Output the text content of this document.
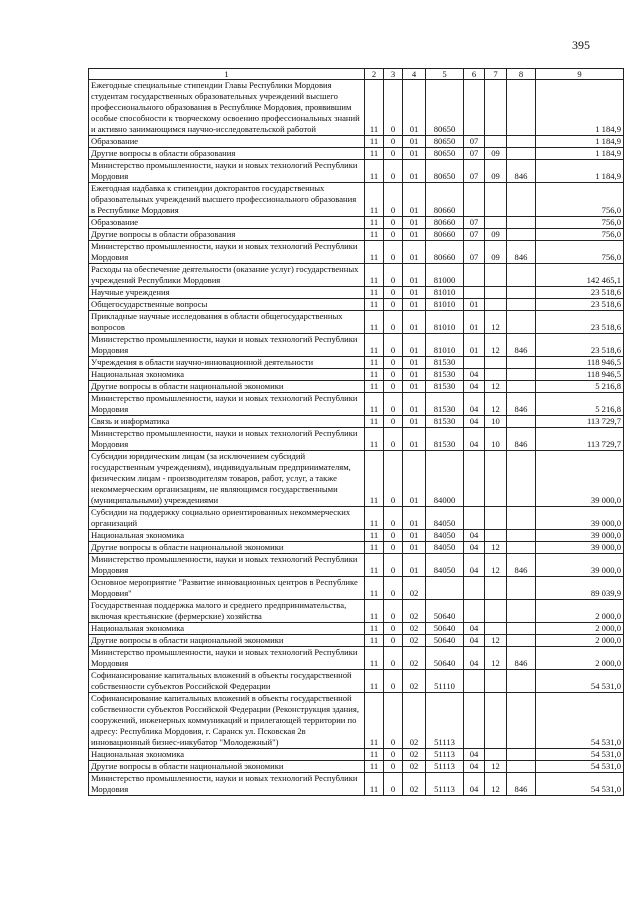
395
1	2	3	4	5	6	7	8	9
Ежегодные специальные стипендии Главы Республики Мордовия студентам государственных образовательных учреждений высшего профессионального образования в Республике Мордовия, проявившим особые способности к творческому освоению профессиональных знаний и активно занимающимся научно-исследовательской работой	11	0	01	80650				1 184,9
Образование	11	0	01	80650	07			1 184,9
Другие вопросы в области образования	11	0	01	80650	07	09		1 184,9
Министерство промышленности, науки и новых технологий Республики Мордовия	11	0	01	80650	07	09	846	1 184,9
Ежегодная надбавка к стипендии докторантов государственных образовательных учреждений высшего профессионального образования в Республике Мордовия	11	0	01	80660				756,0
Образование	11	0	01	80660	07			756,0
Другие вопросы в области образования	11	0	01	80660	07	09		756,0
Министерство промышленности, науки и новых технологий Республики Мордовия	11	0	01	80660	07	09	846	756,0
Расходы на обеспечение деятельности (оказание услуг) государственных учреждений Республики Мордовия	11	0	01	81000				142 465,1
Научные учреждения	11	0	01	81010				23 518,6
Общегосударственные вопросы	11	0	01	81010	01			23 518,6
Прикладные научные исследования в области общегосударственных вопросов	11	0	01	81010	01	12		23 518,6
Министерство промышленности, науки и новых технологий Республики Мордовия	11	0	01	81010	01	12	846	23 518,6
Учреждения в области научно-инновационной деятельности	11	0	01	81530				118 946,5
Национальная экономика	11	0	01	81530	04			118 946,5
Другие вопросы в области национальной экономики	11	0	01	81530	04	12		5 216,8
Министерство промышленности, науки и новых технологий Республики Мордовия	11	0	01	81530	04	12	846	5 216,8
Связь и информатика	11	0	01	81530	04	10		113 729,7
Министерство промышленности, науки и новых технологий Республики Мордовия	11	0	01	81530	04	10	846	113 729,7
Субсидии юридическим лицам (за исключением субсидий государственным учреждениям), индивидуальным предпринимателям, физическим лицам - производителям товаров, работ, услуг, а также некоммерческим организациям, не являющимся государственными (муниципальными) учреждениями	11	0	01	84000				39 000,0
Субсидии на поддержку социально ориентированных некоммерческих организаций	11	0	01	84050				39 000,0
Национальная экономика	11	0	01	84050	04			39 000,0
Другие вопросы в области национальной экономики	11	0	01	84050	04	12		39 000,0
Министерство промышленности, науки и новых технологий Республики Мордовия	11	0	01	84050	04	12	846	39 000,0
Основное мероприятие "Развитие инновационных центров в Республике Мордовия"	11	0	02					89 039,9
Государственная поддержка малого и среднего предпринимательства, включая крестьянские (фермерские) хозяйства	11	0	02	50640				2 000,0
Национальная экономика	11	0	02	50640	04			2 000,0
Другие вопросы в области национальной экономики	11	0	02	50640	04	12		2 000,0
Министерство промышленности, науки и новых технологий Республики Мордовия	11	0	02	50640	04	12	846	2 000,0
Софинансирование капитальных вложений в объекты государственной собственности субъектов Российской Федерации	11	0	02	51110				54 531,0
Софинансирование капитальных вложений в объекты государственной собственности субъектов Российской Федерации (Реконструкция здания, сооружений, инженерных коммуникаций и прилегающей территории по адресу: Республика Мордовия, г. Саранск ул. Псковская 2в инновационный бизнес-инкубатор "Молодежный")	11	0	02	51113				54 531,0
Национальная экономика	11	0	02	51113	04			54 531,0
Другие вопросы в области национальной экономики	11	0	02	51113	04	12		54 531,0
Министерство промышленности, науки и новых технологий Республики Мордовия	11	0	02	51113	04	12	846	54 531,0
